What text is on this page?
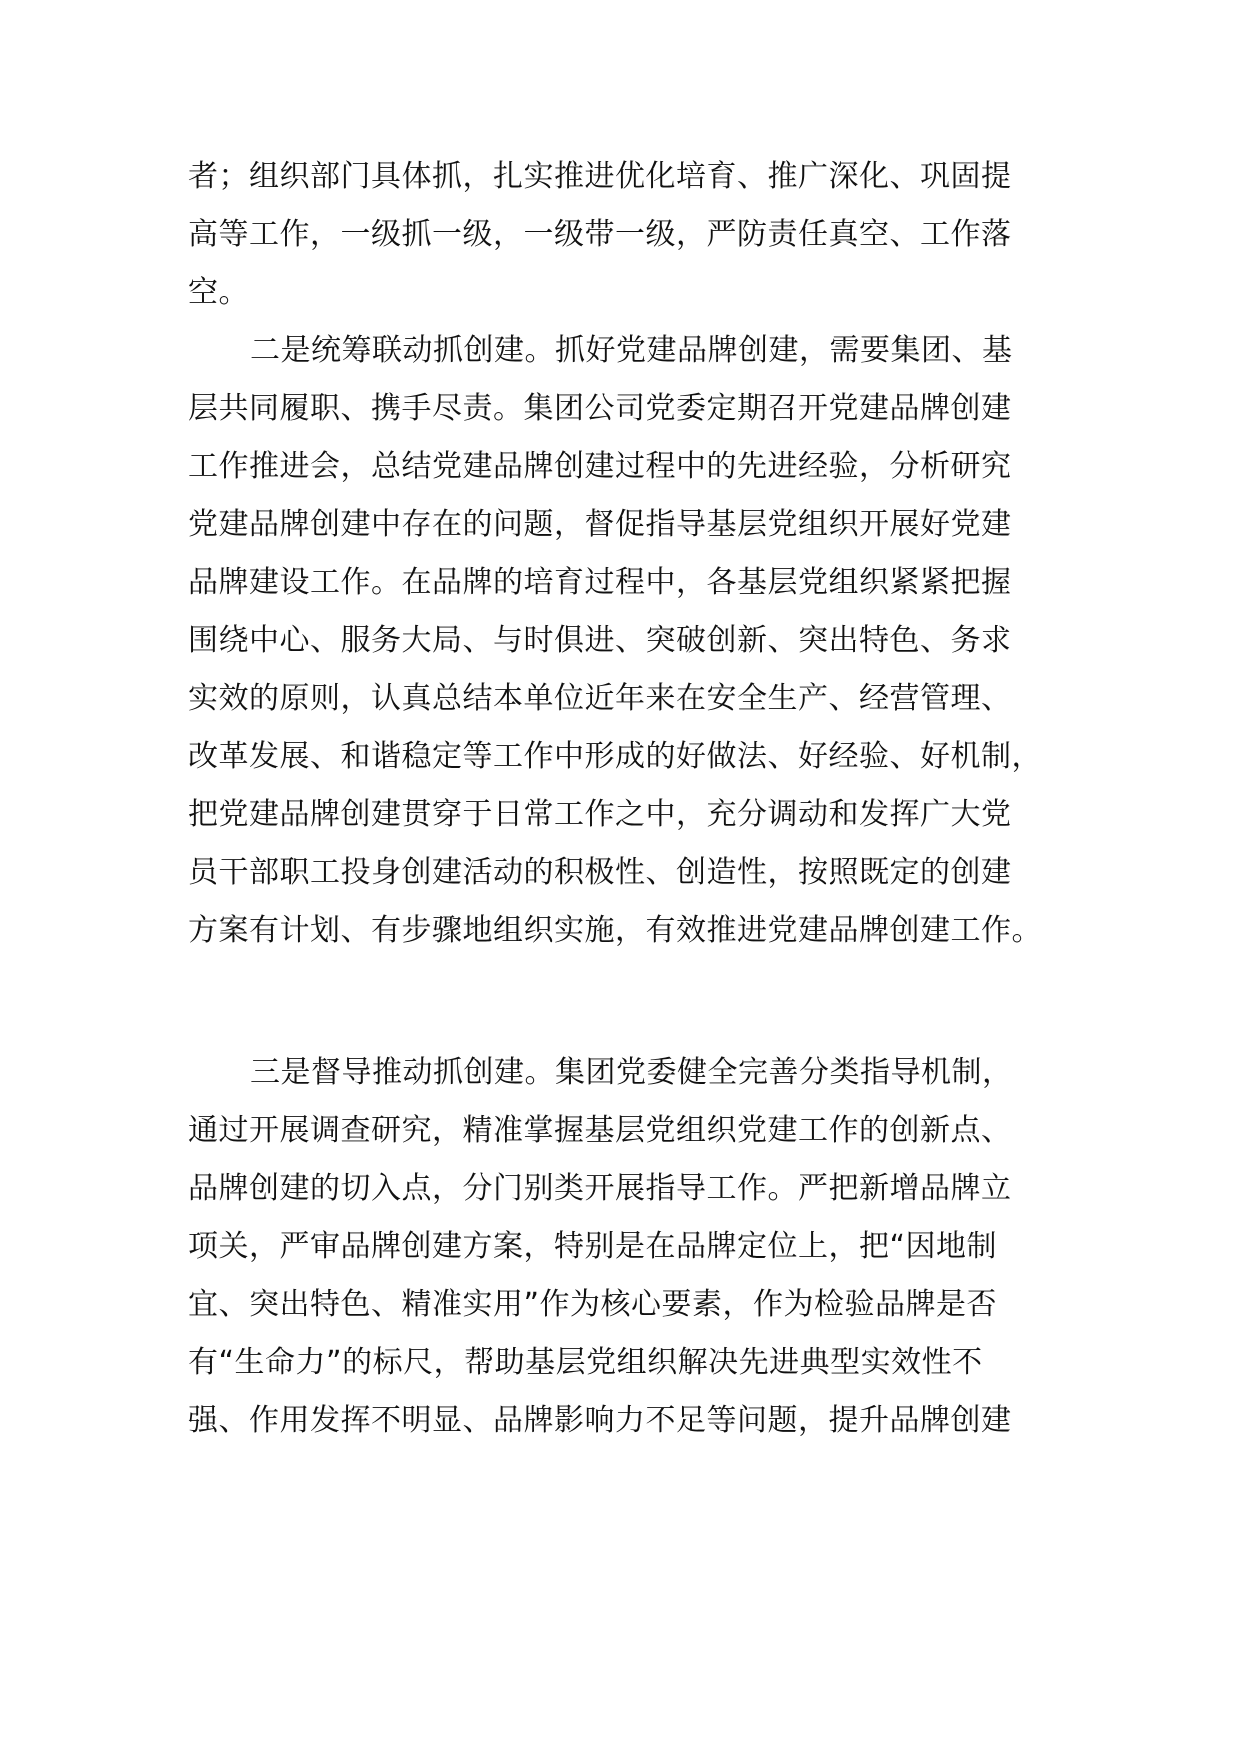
者；组织部门具体抓，扎实推进优化培育、推广深化、巩固提
高等工作，一级抓一级，一级带一级，严防责任真空、工作落
空。
二是统筹联动抓创建。抓好党建品牌创建，需要集团、基
层共同履职、携手尽责。集团公司党委定期召开党建品牌创建
工作推进会，总结党建品牌创建过程中的先进经验，分析研究
党建品牌创建中存在的问题，督促指导基层党组织开展好党建
品牌建设工作。在品牌的培育过程中，各基层党组织紧紧把握
围绕中心、服务大局、与时俱进、突破创新、突出特色、务求
实效的原则，认真总结本单位近年来在安全生产、经营管理、
改革发展、和谐稳定等工作中形成的好做法、好经验、好机制，
把党建品牌创建贯穿于日常工作之中，充分调动和发挥广大党
员干部职工投身创建活动的积极性、创造性，按照既定的创建
方案有计划、有步骤地组织实施，有效推进党建品牌创建工作。
三是督导推动抓创建。集团党委健全完善分类指导机制，
通过开展调查研究，精准掌握基层党组织党建工作的创新点、
品牌创建的切入点，分门别类开展指导工作。严把新增品牌立
项关，严审品牌创建方案，特别是在品牌定位上，把“因地制
宜、突出特色、精准实用”作为核心要素，作为检验品牌是否
有“生命力”的标尺，帮助基层党组织解决先进典型实效性不
强、作用发挥不明显、品牌影响力不足等问题，提升品牌创建
